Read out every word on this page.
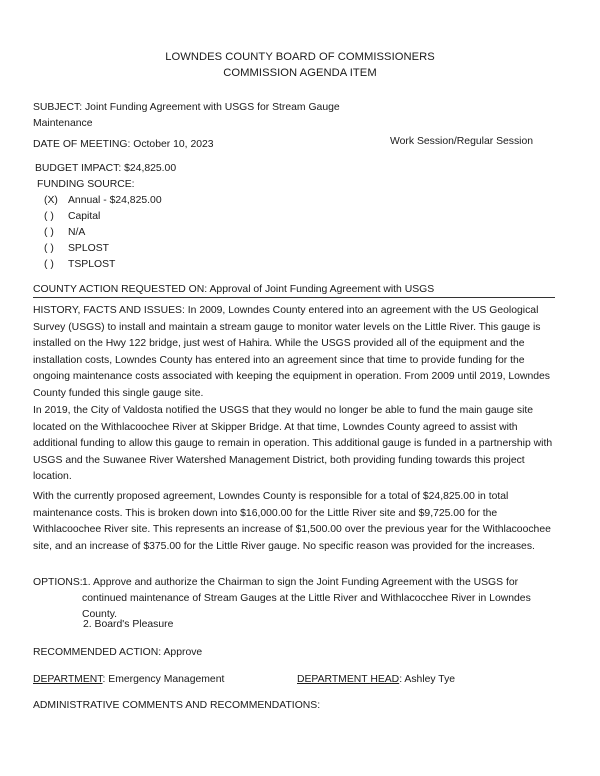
LOWNDES COUNTY BOARD OF COMMISSIONERS
COMMISSION AGENDA ITEM
SUBJECT: Joint Funding Agreement with USGS for Stream Gauge
Maintenance
DATE OF MEETING: October 10, 2023	Work Session/Regular Session
BUDGET IMPACT: $24,825.00
FUNDING SOURCE:
(X) Annual - $24,825.00
( )	Capital
( )	N/A
( )	SPLOST
( )	TSPLOST
COUNTY ACTION REQUESTED ON: Approval of Joint Funding Agreement with USGS
HISTORY, FACTS AND ISSUES: In 2009, Lowndes County entered into an agreement with the US Geological Survey (USGS) to install and maintain a stream gauge to monitor water levels on the Little River. This gauge is installed on the Hwy 122 bridge, just west of Hahira. While the USGS provided all of the equipment and the installation costs, Lowndes County has entered into an agreement since that time to provide funding for the ongoing maintenance costs associated with keeping the equipment in operation. From 2009 until 2019, Lowndes County funded this single gauge site.
In 2019, the City of Valdosta notified the USGS that they would no longer be able to fund the main gauge site located on the Withlacoochee River at Skipper Bridge. At that time, Lowndes County agreed to assist with additional funding to allow this gauge to remain in operation. This additional gauge is funded in a partnership with USGS and the Suwanee River Watershed Management District, both providing funding towards this project location.
With the currently proposed agreement, Lowndes County is responsible for a total of $24,825.00 in total maintenance costs. This is broken down into $16,000.00 for the Little River site and $9,725.00 for the Withlacoochee River site. This represents an increase of $1,500.00 over the previous year for the Withlacoochee site, and an increase of $375.00 for the Little River gauge. No specific reason was provided for the increases.
OPTIONS: 1. Approve and authorize the Chairman to sign the Joint Funding Agreement with the USGS for continued maintenance of Stream Gauges at the Little River and Withlacocchee River in Lowndes County.
2. Board's Pleasure
RECOMMENDED ACTION: Approve
DEPARTMENT: Emergency Management	DEPARTMENT HEAD: Ashley Tye
ADMINISTRATIVE COMMENTS AND RECOMMENDATIONS:
